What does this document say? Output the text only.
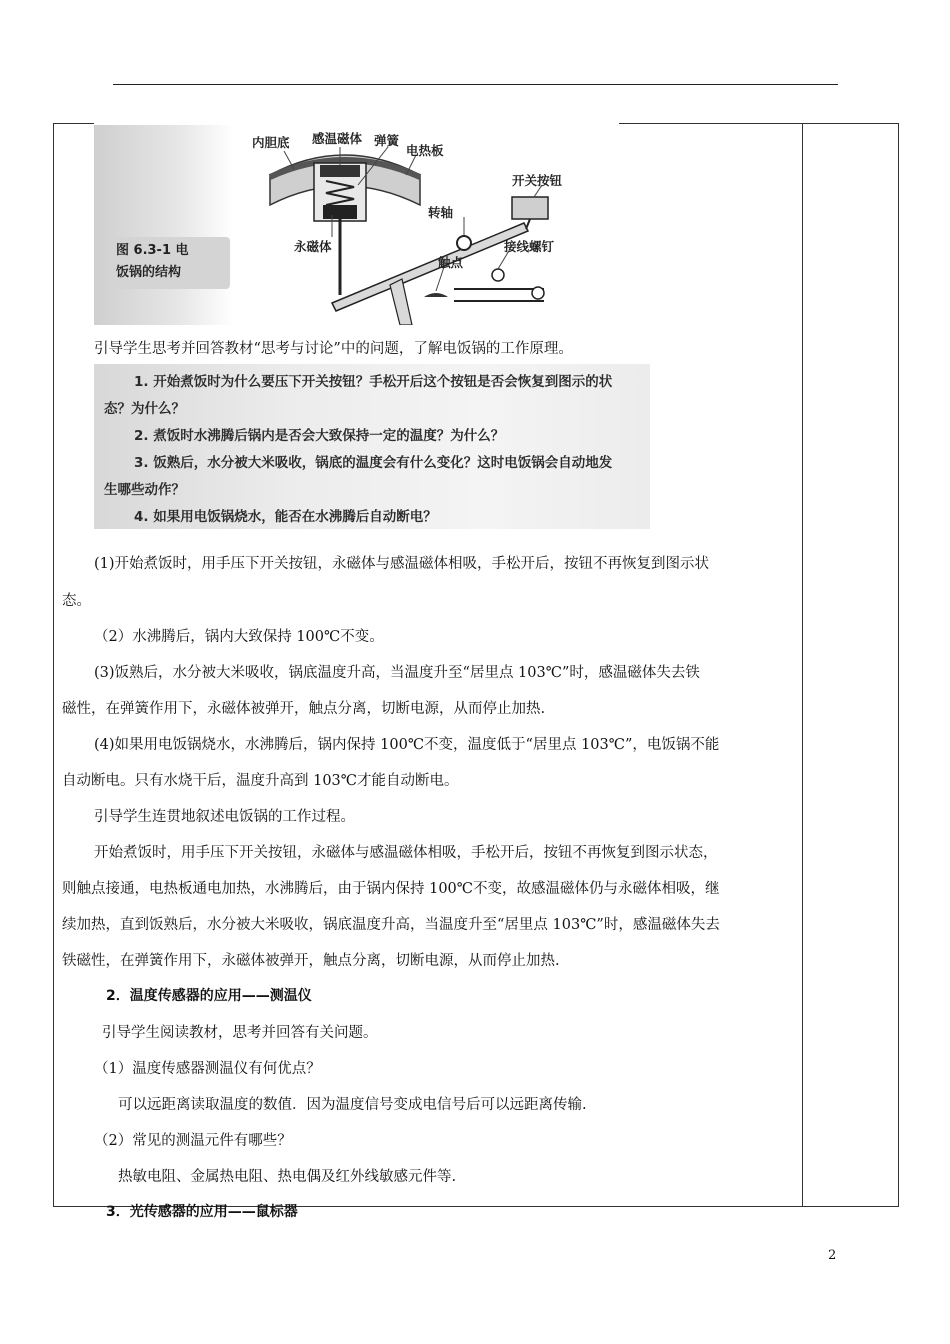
内胆底 感温磁体 弹簧
电热板
开关按钮
转轴
永磁体
触点
接线螺钉
图 6.3-1 电
饭锅的结构
引导学生思考并回答教材“思考与讨论”中的问题，了解电饭锅的工作原理。
1. 开始煮饭时为什么要压下开关按钮？手松开后这个按钮是否会恢复到图示的状
态？为什么？
2. 煮饭时水沸腾后锅内是否会大致保持一定的温度？为什么？
3. 饭熟后，水分被大米吸收，锅底的温度会有什么变化？这时电饭锅会自动地发
生哪些动作？
4. 如果用电饭锅烧水，能否在水沸腾后自动断电？
(1)开始煮饭时，用手压下开关按钮，永磁体与感温磁体相吸，手松开后，按钮不再恢复到图示状
态。
（2）水沸腾后，锅内大致保持 100℃不变。
(3)饭熟后，水分被大米吸收，锅底温度升高，当温度升至“居里点 103℃”时，感温磁体失去铁
磁性，在弹簧作用下，永磁体被弹开，触点分离，切断电源，从而停止加热.
(4)如果用电饭锅烧水，水沸腾后，锅内保持 100℃不变，温度低于“居里点 103℃”，电饭锅不能
自动断电。只有水烧干后，温度升高到 103℃才能自动断电。
引导学生连贯地叙述电饭锅的工作过程。
开始煮饭时，用手压下开关按钮，永磁体与感温磁体相吸，手松开后，按钮不再恢复到图示状态，
则触点接通，电热板通电加热，水沸腾后，由于锅内保持 100℃不变，故感温磁体仍与永磁体相吸，继
续加热，直到饭熟后，水分被大米吸收，锅底温度升高，当温度升至“居里点 103℃”时，感温磁体失去
铁磁性，在弹簧作用下，永磁体被弹开，触点分离，切断电源，从而停止加热.
2．温度传感器的应用——测温仪
引导学生阅读教材，思考并回答有关问题。
（1）温度传感器测温仪有何优点？
可以远距离读取温度的数值．因为温度信号变成电信号后可以远距离传输.
（2）常见的测温元件有哪些？
热敏电阻、金属热电阻、热电偶及红外线敏感元件等.
3．光传感器的应用——鼠标器
2
